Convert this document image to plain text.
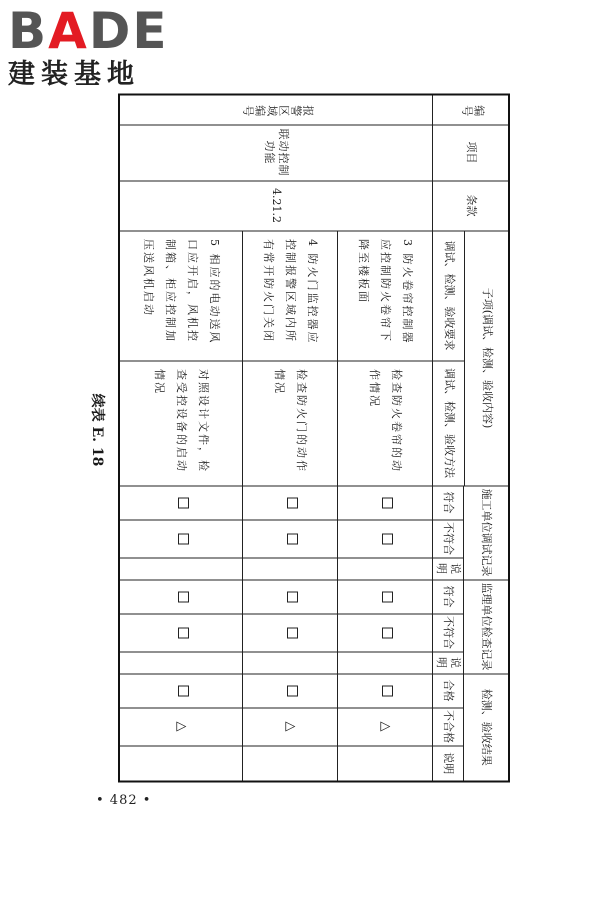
BADE
建装基地
续表 E. 18
编号	项目	条款	子项(调试、检测、验收内容)		施工单位调试记录			监理单位检查记录			检测、验收结果		
			调试、检测、验收要求	调试、检测、验收方法									
					符合	不符合	说明	符合	不符合	说明	合格	不合格	说明
报警区域编号	联动控制功能	4.21.2	3 防火卷帘控制器应控制防火卷帘下降至楼板面	检查防火卷帘的动作情况								△	
			4 防火门监控器应控制报警区域内所有常开防火门关闭	检查防火门的动作情况								△	
			5 相应的电动送风口应开启，风机控制箱、柜应控制加压送风机启动	对照设计文件，检查受控设备的启动情况								△	
• 482 •
